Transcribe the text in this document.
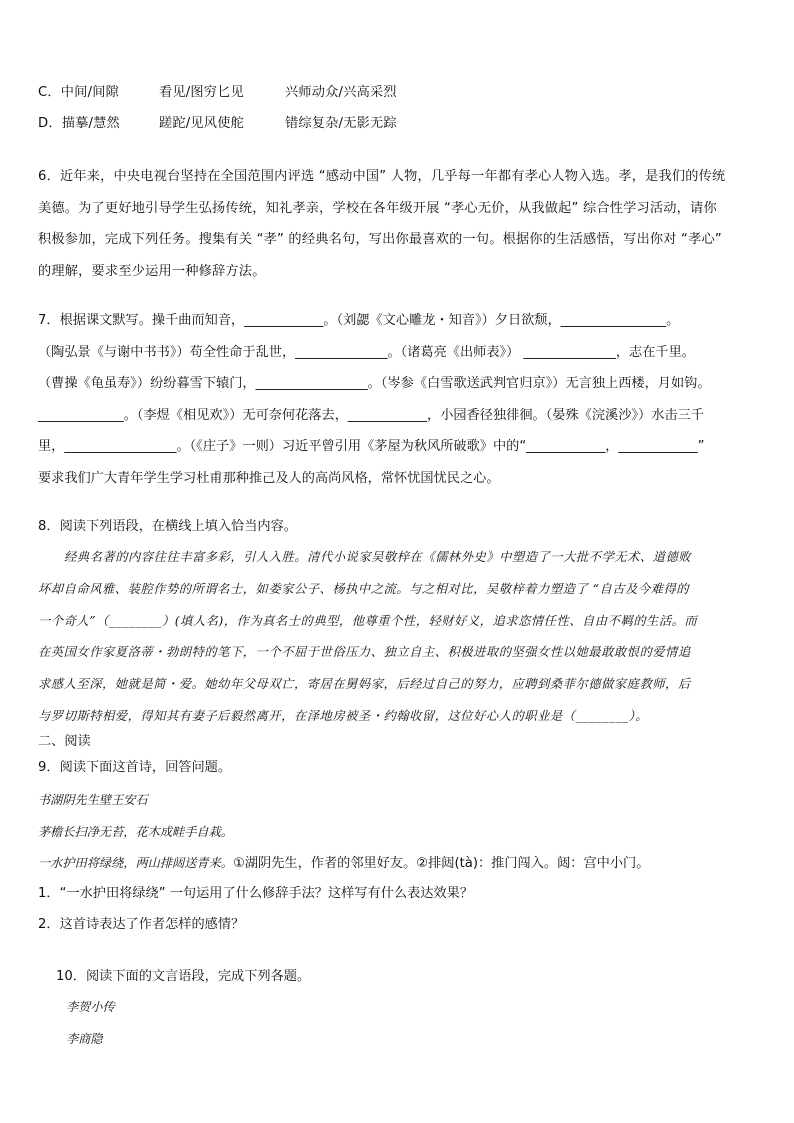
C．中间/间隙	看见/图穷匕见	兴师动众/兴高采烈
D．描摹/慧然	蹉跎/见风使舵	错综复杂/无影无踪
6．近年来，中央电视台坚持在全国范围内评选 “感动中国” 人物，几乎每一年都有孝心人物入选。孝，是我们的传统
美德。为了更好地引导学生弘扬传统，知礼孝亲，学校在各年级开展 “孝心无价，从我做起” 综合性学习活动，请你
积极参加，完成下列任务。搜集有关 “孝” 的经典名句，写出你最喜欢的一句。根据你的生活感悟，写出你对 “孝心”
的理解，要求至少运用一种修辞方法。
7．根据课文默写。操千曲而知音，____________。（刘勰《文心雕龙・知音》）夕日欲颓，________________。
（陶弘景《与谢中书书》）苟全性命于乱世，______________。（诸葛亮《出师表》） ______________，志在千里。
（曹操《龟虽寿》）纷纷暮雪下辕门，_________________。（岑参《白雪歌送武判官归京》）无言独上西楼，月如钩。
_____________。（李煜《相见欢》）无可奈何花落去，____________，小园香径独徘徊。（晏殊《浣溪沙》）水击三千
里，_________________。（《庄子》一则）习近平曾引用《茅屋为秋风所破歌》中的“____________，____________”
要求我们广大青年学生学习杜甫那种推己及人的高尚风格，常怀忧国忧民之心。
8．阅读下列语段，在横线上填入恰当内容。
经典名著的内容往往丰富多彩，引人入胜。清代小说家吴敬梓在《儒林外史》中塑造了一大批不学无术、道德败
坏却自命风雅、装腔作势的所谓名士，如娄家公子、杨执中之流。与之相对比，吴敬梓着力塑造了 “自古及今难得的
一个奇人”（________）(填人名)，作为真名士的典型，他尊重个性，轻财好义，追求恣情任性、自由不羁的生活。而
在英国女作家夏洛蒂・勃朗特的笔下，一个不屈于世俗压力、独立自主、积极进取的坚强女性以她最敢敢恨的爱情追
求感人至深，她就是简・爱。她幼年父母双亡，寄居在舅妈家，后经过自己的努力，应聘到桑菲尔德做家庭教师，后
与罗切斯特相爱，得知其有妻子后毅然离开，在泽地房被圣・约翰收留，这位好心人的职业是（________）。
二、阅读
9．阅读下面这首诗，回答问题。
书湖阴先生壁王安石
茅檐长扫净无苔，花木成畦手自栽。
一水护田将绿绕，两山排闼送青来。①湖阴先生，作者的邻里好友。②排闼(tà)：推门闯入。闼：宫中小门。
1．“一水护田将绿绕” 一句运用了什么修辞手法？这样写有什么表达效果？
2．这首诗表达了作者怎样的感情？
10．阅读下面的文言语段，完成下列各题。
李贺小传
李商隐
